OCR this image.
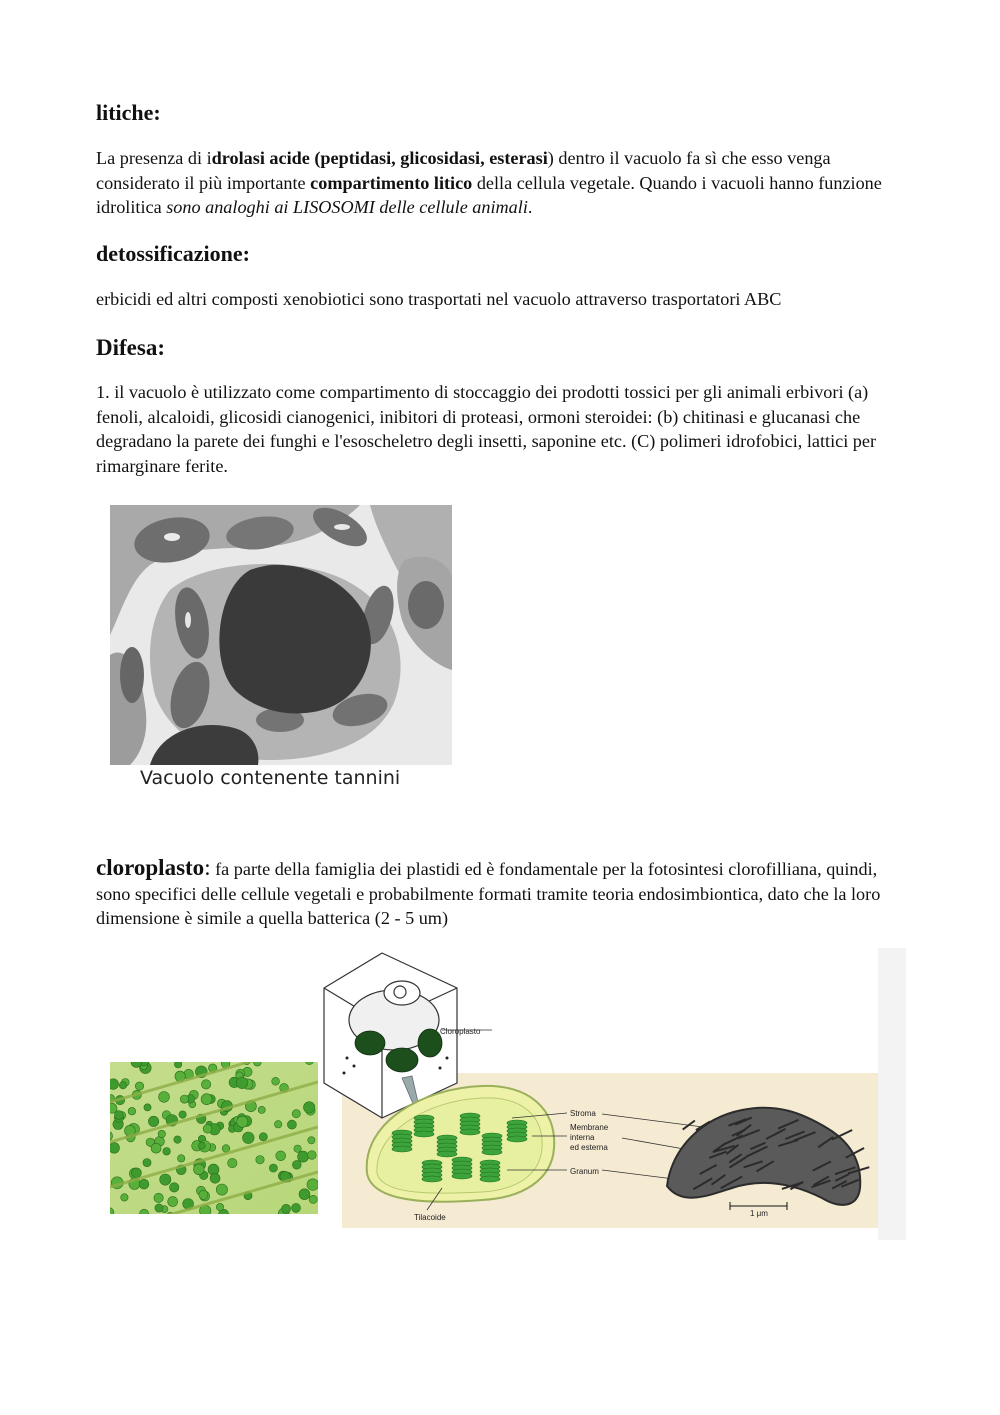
litiche:

La presenza di idrolasi acide (peptidasi, glicosidasi, esterasi) dentro il vacuolo fa sì che esso venga considerato il più importante compartimento litico della cellula vegetale. Quando i vacuoli hanno funzione idrolitica sono analoghi ai LISOSOMI delle cellule animali.

detossificazione:

erbicidi ed altri composti xenobiotici sono trasportati nel vacuolo attraverso trasportatori ABC

Difesa:

1. il vacuolo è utilizzato come compartimento di stoccaggio dei prodotti tossici per gli animali erbivori (a) fenoli, alcaloidi, glicosidi cianogenici, inibitori di proteasi, ormoni steroidei: (b) chitinasi e glucanasi che degradano la parete dei funghi e l'esoscheletro degli insetti, saponine etc. (C) polimeri idrofobici, lattici per rimarginare ferite.

Vacuolo contenente tannini

cloroplasto: fa parte della famiglia dei plastidi ed è fondamentale per la fotosintesi clorofilliana, quindi, sono specifici delle cellule vegetali e probabilmente formati tramite teoria endosimbiontica, dato che la loro dimensione è simile a quella batterica (2 - 5 um)

Cloroplasto
Stroma
Membrane
interna
ed esterna
Granum
Tilacoide	1 μm
